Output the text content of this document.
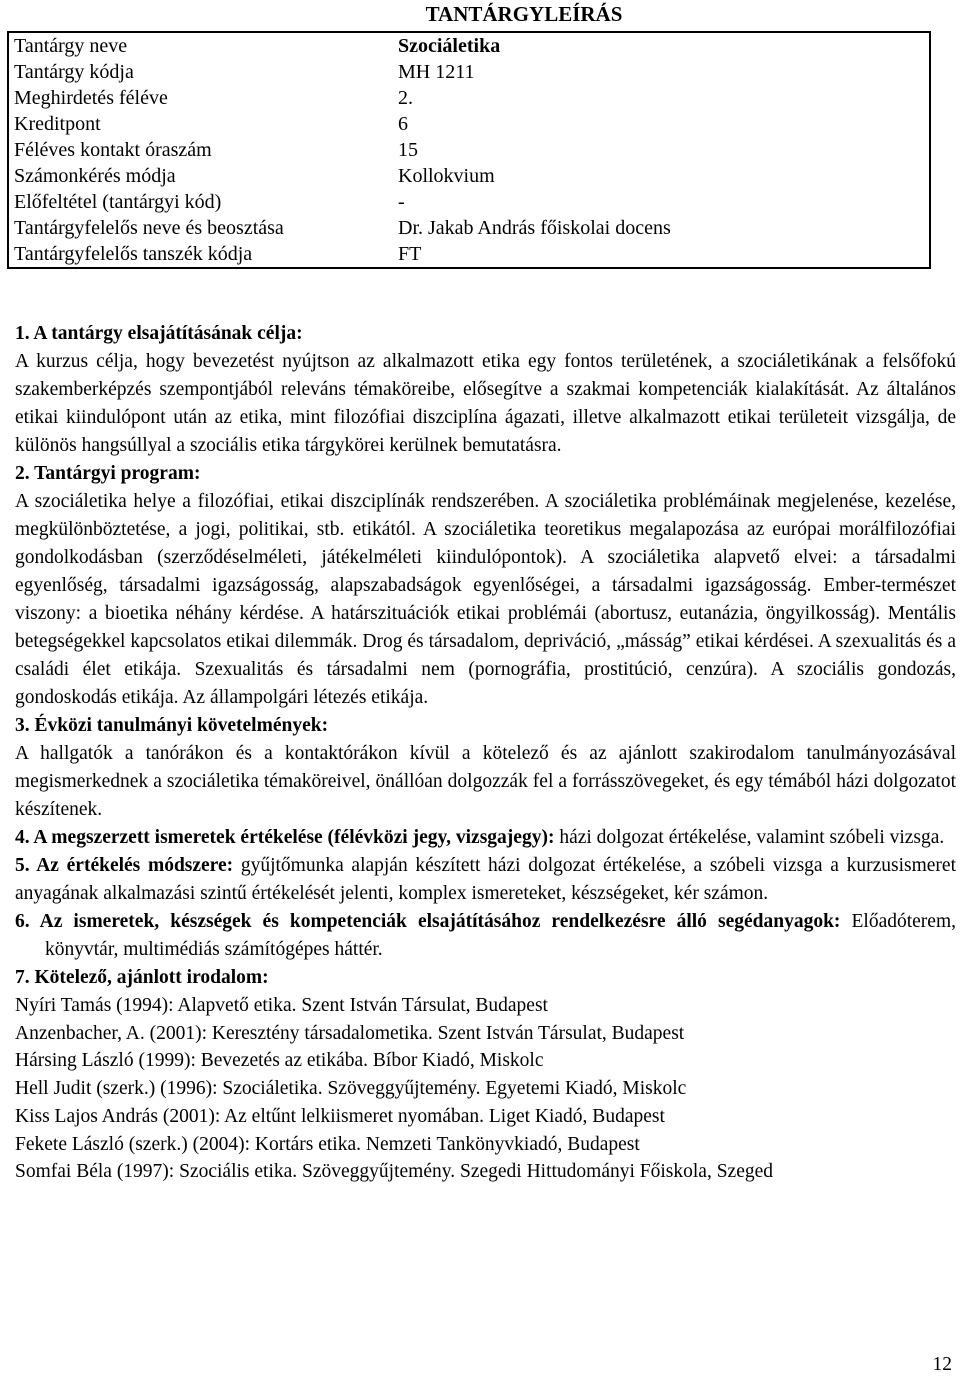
TANTÁRGYLEÍRÁS
Tantárgy neve	Szociáletika
Tantárgy kódja	MH 1211
Meghirdetés féléve	2.
Kreditpont	6
Féléves kontakt óraszám	15
Számonkérés módja	Kollokvium
Előfeltétel (tantárgyi kód)	-
Tantárgyfelelős neve és beosztása	Dr. Jakab András főiskolai docens
Tantárgyfelelős tanszék kódja	FT

1. A tantárgy elsajátításának célja:

A kurzus célja, hogy bevezetést nyújtson az alkalmazott etika egy fontos területének, a szociáletikának a felsőfokú szakemberképzés szempontjából releváns témaköreibe, elősegítve a szakmai kompetenciák kialakítását. Az általános etikai kiindulópont után az etika, mint filozófiai diszciplína ágazati, illetve alkalmazott etikai területeit vizsgálja, de különös hangsúllyal a szociális etika tárgykörei kerülnek bemutatásra.

2. Tantárgyi program:

A szociáletika helye a filozófiai, etikai diszciplínák rendszerében. A szociáletika problémáinak megjelenése, kezelése, megkülönböztetése, a jogi, politikai, stb. etikától. A szociáletika teoretikus megalapozása az európai morálfilozófiai gondolkodásban (szerződéselméleti, játékelméleti kiindulópontok). A szociáletika alapvető elvei: a társadalmi egyenlőség, társadalmi igazságosság, alapszabadságok egyenlőségei, a társadalmi igazságosság. Ember-természet viszony: a bioetika néhány kérdése. A határszituációk etikai problémái (abortusz, eutanázia, öngyilkosság). Mentális betegségekkel kapcsolatos etikai dilemmák. Drog és társadalom, depriváció, „másság” etikai kérdései. A szexualitás és a családi élet etikája. Szexualitás és társadalmi nem (pornográfia, prostitúció, cenzúra). A szociális gondozás, gondoskodás etikája. Az állampolgári létezés etikája.

3. Évközi tanulmányi követelmények:

A hallgatók a tanórákon és a kontaktórákon kívül a kötelező és az ajánlott szakirodalom tanulmányozásával megismerkednek a szociáletika témaköreivel, önállóan dolgozzák fel a forrásszövegeket, és egy témából házi dolgozatot készítenek.

4. A megszerzett ismeretek értékelése (félévközi jegy, vizsgajegy): házi dolgozat értékelése, valamint szóbeli vizsga.

5. Az értékelés módszere: gyűjtőmunka alapján készített házi dolgozat értékelése, a szóbeli vizsga a kurzusismeret anyagának alkalmazási szintű értékelését jelenti, komplex ismereteket, készségeket, kér számon.

6. Az ismeretek, készségek és kompetenciák elsajátításához rendelkezésre álló segédanyagok: Előadóterem, könyvtár, multimédiás számítógépes háttér.

7. Kötelező, ajánlott irodalom:

Nyíri Tamás (1994): Alapvető etika. Szent István Társulat, Budapest

Anzenbacher, A. (2001): Keresztény társadalometika. Szent István Társulat, Budapest

Hársing László (1999): Bevezetés az etikába. Bíbor Kiadó, Miskolc

Hell Judit (szerk.) (1996): Szociáletika. Szöveggyűjtemény. Egyetemi Kiadó, Miskolc

Kiss Lajos András (2001): Az eltűnt lelkiismeret nyomában. Liget Kiadó, Budapest

Fekete László (szerk.) (2004): Kortárs etika. Nemzeti Tankönyvkiadó, Budapest

Somfai Béla (1997): Szociális etika. Szöveggyűjtemény. Szegedi Hittudományi Főiskola, Szeged

12
